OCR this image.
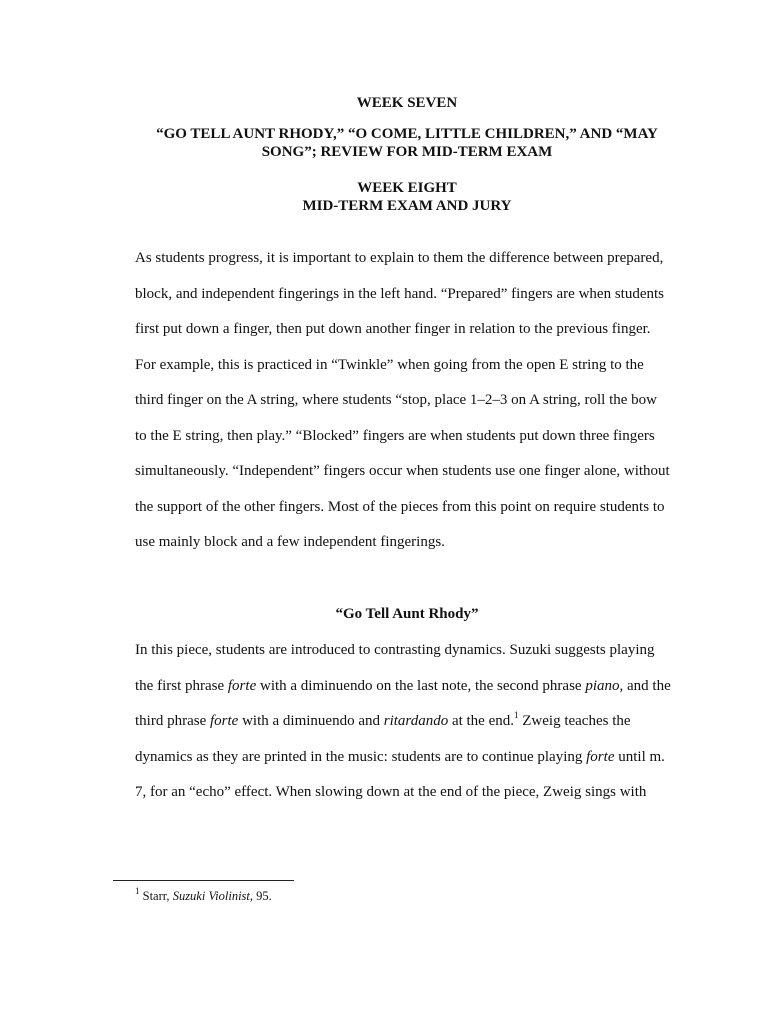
WEEK SEVEN

“GO TELL AUNT RHODY,” “O COME, LITTLE CHILDREN,” AND “MAY
SONG”; REVIEW FOR MID-TERM EXAM

WEEK EIGHT
MID-TERM EXAM AND JURY

As students progress, it is important to explain to them the difference between prepared,
block, and independent fingerings in the left hand. “Prepared” fingers are when students
first put down a finger, then put down another finger in relation to the previous finger.
For example, this is practiced in “Twinkle” when going from the open E string to the
third finger on the A string, where students “stop, place 1–2–3 on A string, roll the bow
to the E string, then play.” “Blocked” fingers are when students put down three fingers
simultaneously. “Independent” fingers occur when students use one finger alone, without
the support of the other fingers. Most of the pieces from this point on require students to
use mainly block and a few independent fingerings.

“Go Tell Aunt Rhody”

In this piece, students are introduced to contrasting dynamics. Suzuki suggests playing
the first phrase forte with a diminuendo on the last note, the second phrase piano, and the
third phrase forte with a diminuendo and ritardando at the end.$^1$ Zweig teaches the
dynamics as they are printed in the music: students are to continue playing forte until m.
7, for an “echo” effect. When slowing down at the end of the piece, Zweig sings with

$^1$ Starr, Suzuki Violinist, 95.
